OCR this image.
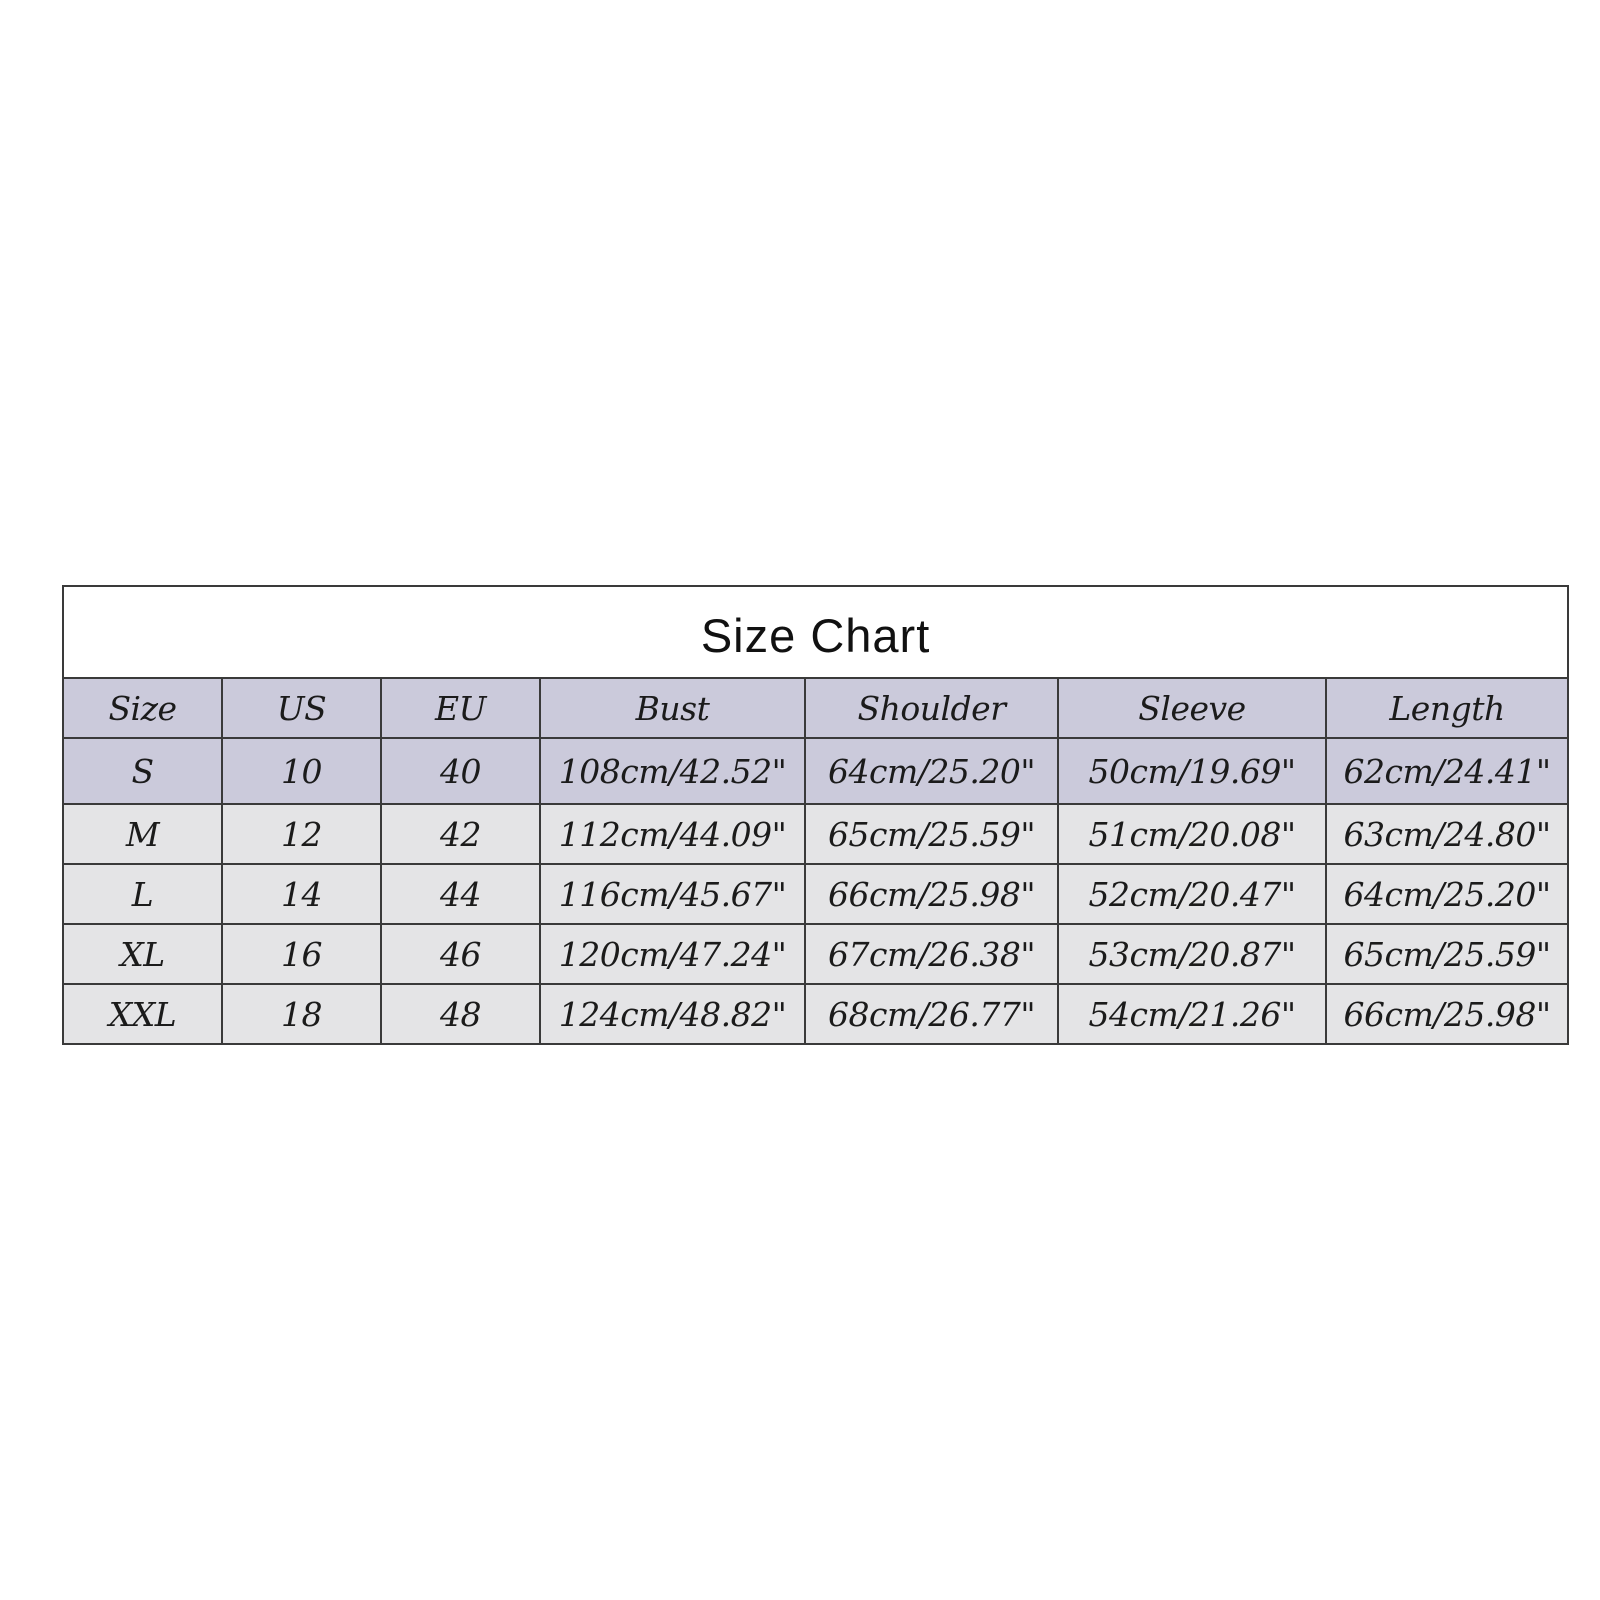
Size Chart						
Size	US	EU	Bust	Shoulder	Sleeve	Length
S	10	40	108cm/42.52"	64cm/25.20"	50cm/19.69"	62cm/24.41"
M	12	42	112cm/44.09"	65cm/25.59"	51cm/20.08"	63cm/24.80"
L	14	44	116cm/45.67"	66cm/25.98"	52cm/20.47"	64cm/25.20"
XL	16	46	120cm/47.24"	67cm/26.38"	53cm/20.87"	65cm/25.59"
XXL	18	48	124cm/48.82"	68cm/26.77"	54cm/21.26"	66cm/25.98"
